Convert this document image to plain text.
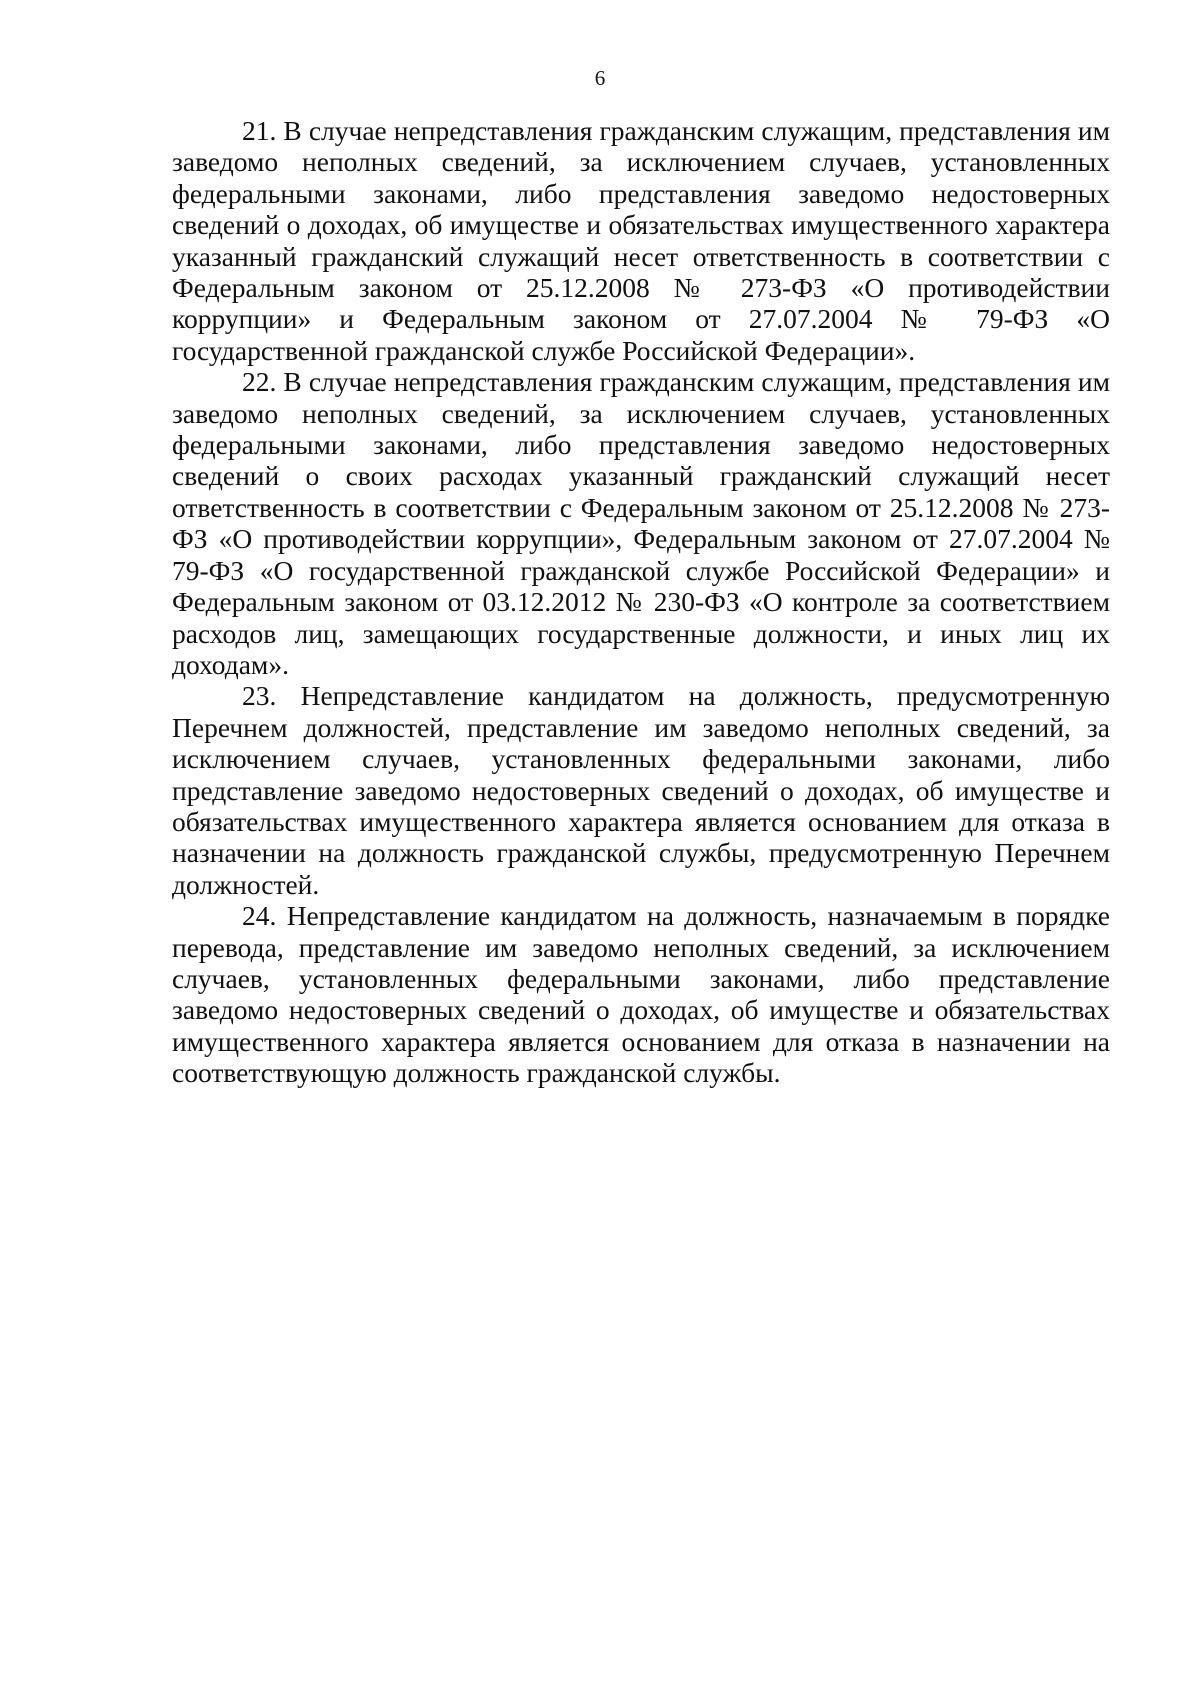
6

21. В случае непредставления гражданским служащим, представления им заведомо неполных сведений, за исключением случаев, установленных федеральными законами, либо представления заведомо недостоверных сведений о доходах, об имуществе и обязательствах имущественного характера указанный гражданский служащий несет ответственность в соответствии с Федеральным законом от 25.12.2008 № 273-ФЗ «О противодействии коррупции» и Федеральным законом от 27.07.2004 № 79-ФЗ «О государственной гражданской службе Российской Федерации».

22. В случае непредставления гражданским служащим, представления им заведомо неполных сведений, за исключением случаев, установленных федеральными законами, либо представления заведомо недостоверных сведений о своих расходах указанный гражданский служащий несет ответственность в соответствии с Федеральным законом от 25.12.2008 № 273-ФЗ «О противодействии коррупции», Федеральным законом от 27.07.2004 № 79-ФЗ «О государственной гражданской службе Российской Федерации» и Федеральным законом от 03.12.2012 № 230-ФЗ «О контроле за соответствием расходов лиц, замещающих государственные должности, и иных лиц их доходам».

23. Непредставление кандидатом на должность, предусмотренную Перечнем должностей, представление им заведомо неполных сведений, за исключением случаев, установленных федеральными законами, либо представление заведомо недостоверных сведений о доходах, об имуществе и обязательствах имущественного характера является основанием для отказа в назначении на должность гражданской службы, предусмотренную Перечнем должностей.

24. Непредставление кандидатом на должность, назначаемым в порядке перевода, представление им заведомо неполных сведений, за исключением случаев, установленных федеральными законами, либо представление заведомо недостоверных сведений о доходах, об имуществе и обязательствах имущественного характера является основанием для отказа в назначении на соответствующую должность гражданской службы.
